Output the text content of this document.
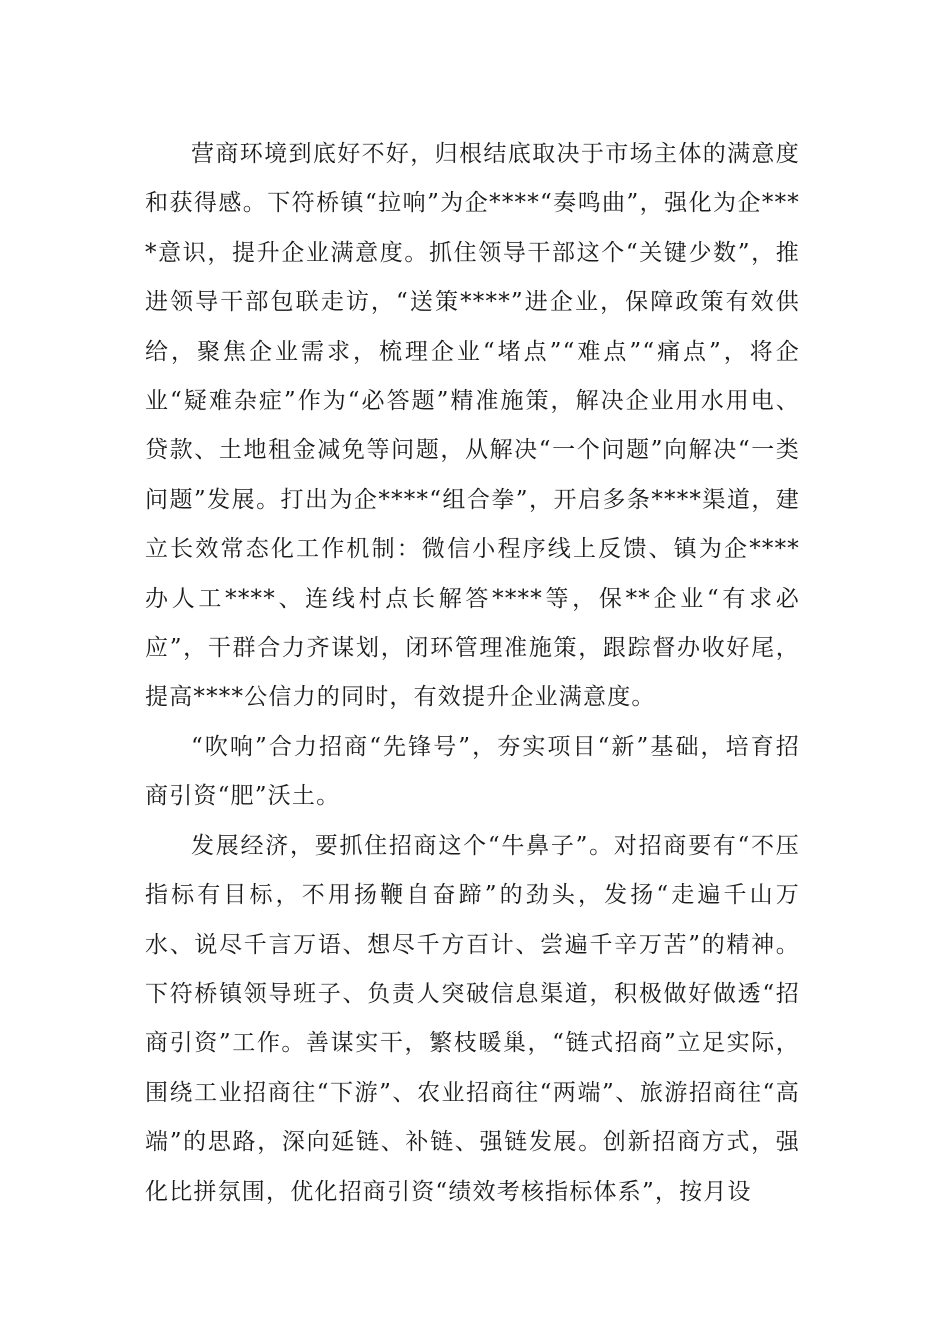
营商环境到底好不好，归根结底取决于市场主体的满意度和获得感。下符桥镇“拉响”为企****“奏鸣曲”，强化为企****意识，提升企业满意度。抓住领导干部这个“关键少数”，推进领导干部包联走访，“送策****”进企业，保障政策有效供给，聚焦企业需求，梳理企业“堵点”“难点”“痛点”，将企业“疑难杂症”作为“必答题”精准施策，解决企业用水用电、贷款、土地租金减免等问题，从解决“一个问题”向解决“一类问题”发展。打出为企****“组合拳”，开启多条****渠道，建立长效常态化工作机制：微信小程序线上反馈、镇为企****办人工****、连线村点长解答****等，保**企业“有求必应”，干群合力齐谋划，闭环管理准施策，跟踪督办收好尾，提高****公信力的同时，有效提升企业满意度。

“吹响”合力招商“先锋号”，夯实项目“新”基础，培育招商引资“肥”沃土。

发展经济，要抓住招商这个“牛鼻子”。对招商要有“不压指标有目标，不用扬鞭自奋蹄”的劲头，发扬“走遍千山万水、说尽千言万语、想尽千方百计、尝遍千辛万苦”的精神。下符桥镇领导班子、负责人突破信息渠道，积极做好做透“招商引资”工作。善谋实干，繁枝暖巢，“链式招商”立足实际，围绕工业招商往“下游”、农业招商往“两端”、旅游招商往“高端”的思路，深向延链、补链、强链发展。创新招商方式，强化比拼氛围，优化招商引资“绩效考核指标体系”，按月设
